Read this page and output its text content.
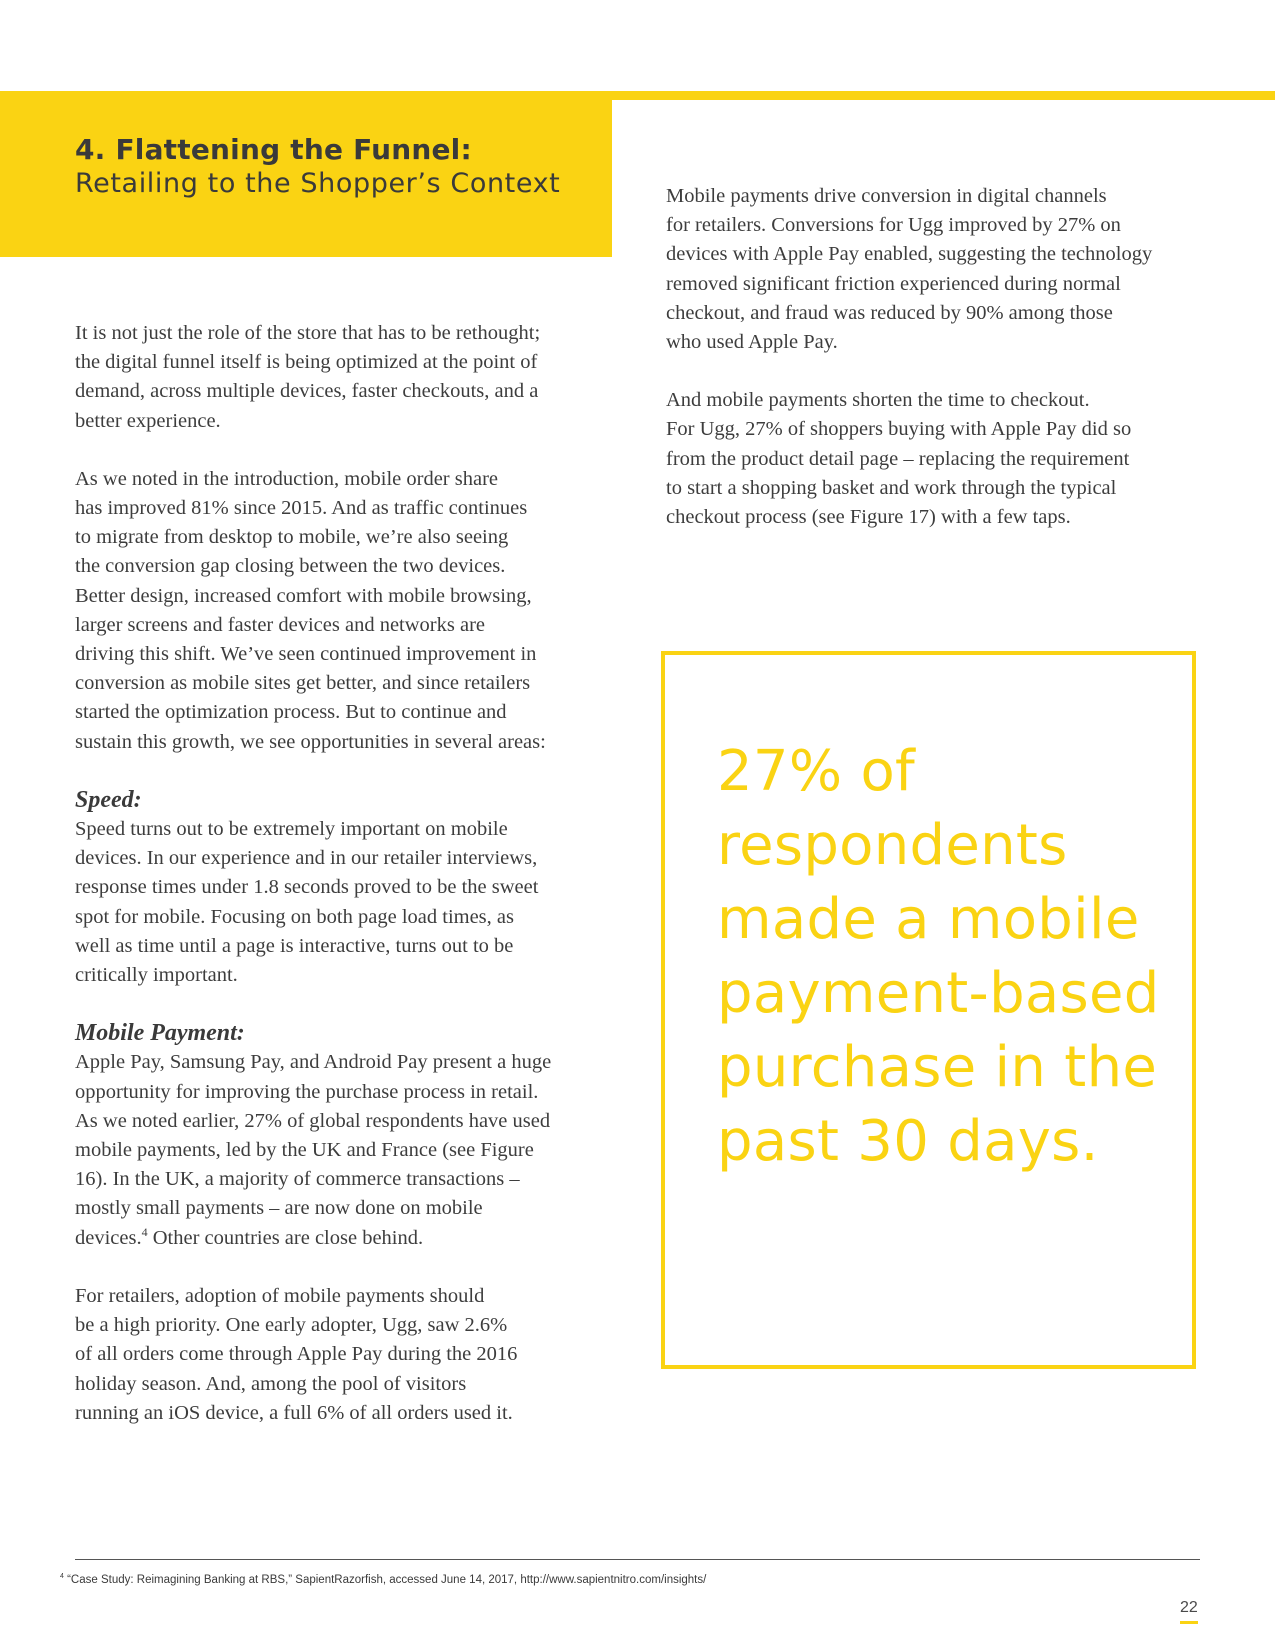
4. Flattening the Funnel:
Retailing to the Shopper’s Context

It is not just the role of the store that has to be rethought;
the digital funnel itself is being optimized at the point of
demand, across multiple devices, faster checkouts, and a
better experience.

As we noted in the introduction, mobile order share
has improved 81% since 2015. And as traffic continues
to migrate from desktop to mobile, we’re also seeing
the conversion gap closing between the two devices.
Better design, increased comfort with mobile browsing,
larger screens and faster devices and networks are
driving this shift. We’ve seen continued improvement in
conversion as mobile sites get better, and since retailers
started the optimization process. But to continue and
sustain this growth, we see opportunities in several areas:

Speed:

Speed turns out to be extremely important on mobile
devices. In our experience and in our retailer interviews,
response times under 1.8 seconds proved to be the sweet
spot for mobile. Focusing on both page load times, as
well as time until a page is interactive, turns out to be
critically important.

Mobile Payment:

Apple Pay, Samsung Pay, and Android Pay present a huge
opportunity for improving the purchase process in retail.
As we noted earlier, 27% of global respondents have used
mobile payments, led by the UK and France (see Figure
16). In the UK, a majority of commerce transactions –
mostly small payments – are now done on mobile
devices.$^4$ Other countries are close behind.

For retailers, adoption of mobile payments should
be a high priority. One early adopter, Ugg, saw 2.6%
of all orders come through Apple Pay during the 2016
holiday season. And, among the pool of visitors
running an iOS device, a full 6% of all orders used it.

Mobile payments drive conversion in digital channels
for retailers. Conversions for Ugg improved by 27% on
devices with Apple Pay enabled, suggesting the technology
removed significant friction experienced during normal
checkout, and fraud was reduced by 90% among those
who used Apple Pay.

And mobile payments shorten the time to checkout.
For Ugg, 27% of shoppers buying with Apple Pay did so
from the product detail page – replacing the requirement
to start a shopping basket and work through the typical
checkout process (see Figure 17) with a few taps.

27% of
respondents
made a mobile
payment-based
purchase in the
past 30 days.

$^4$ “Case Study: Reimagining Banking at RBS,” SapientRazorfish, accessed June 14, 2017, http://www.sapientnitro.com/insights/

22
